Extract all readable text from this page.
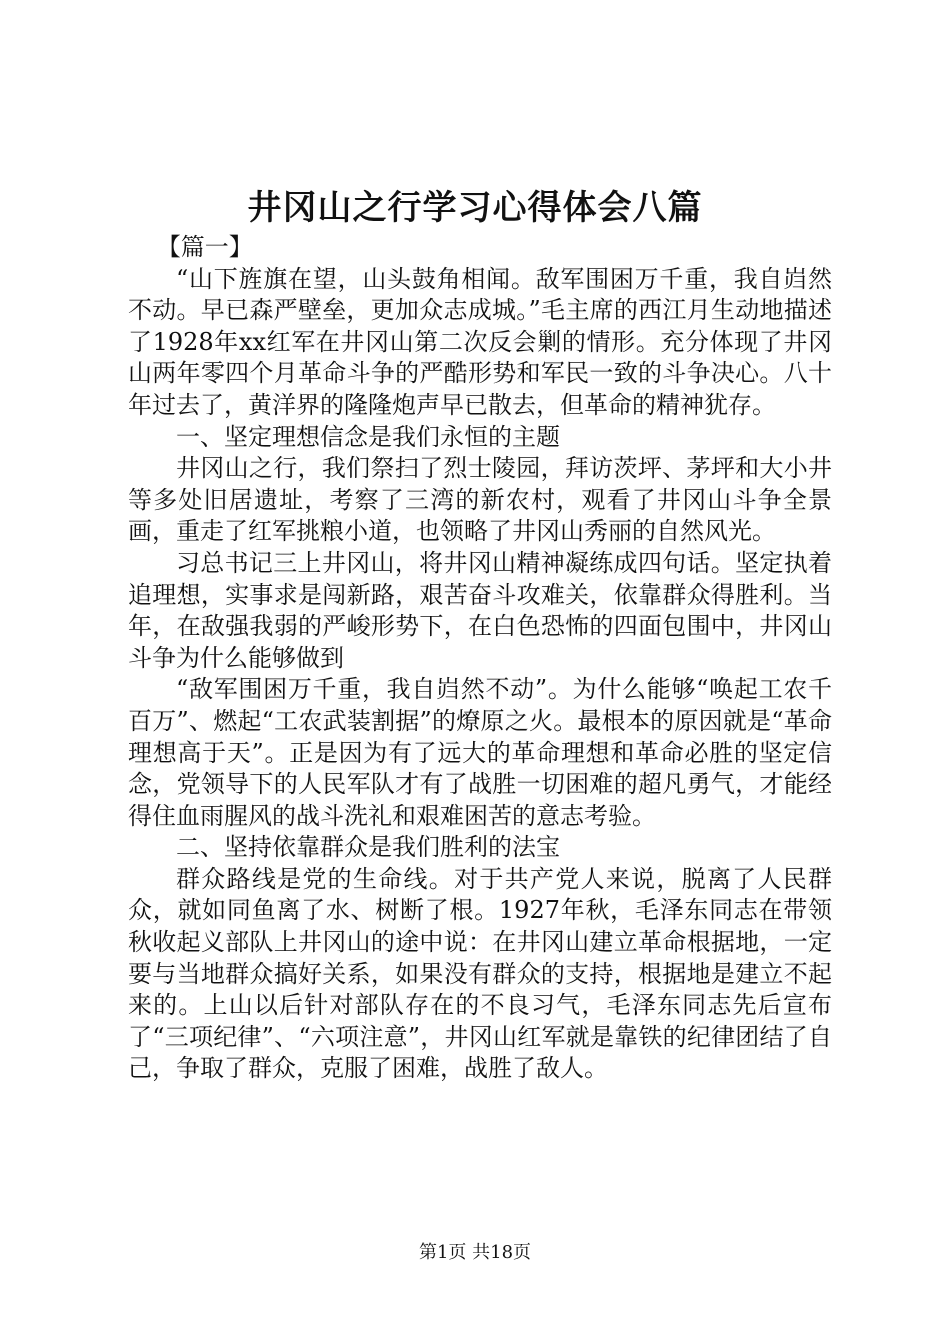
井冈山之行学习心得体会八篇

【篇一】

“山下旌旗在望，山头鼓角相闻。敌军围困万千重，我自岿然不动。早已森严壁垒，更加众志成城。”毛主席的西江月生动地描述了1928年xx红军在井冈山第二次反会剿的情形。充分体现了井冈山两年零四个月革命斗争的严酷形势和军民一致的斗争决心。八十年过去了，黄洋界的隆隆炮声早已散去，但革命的精神犹存。

一、坚定理想信念是我们永恒的主题

井冈山之行，我们祭扫了烈士陵园，拜访茨坪、茅坪和大小井等多处旧居遗址，考察了三湾的新农村，观看了井冈山斗争全景画，重走了红军挑粮小道，也领略了井冈山秀丽的自然风光。

习总书记三上井冈山，将井冈山精神凝练成四句话。坚定执着追理想，实事求是闯新路，艰苦奋斗攻难关，依靠群众得胜利。当年，在敌强我弱的严峻形势下，在白色恐怖的四面包围中，井冈山斗争为什么能够做到

“敌军围困万千重，我自岿然不动”。为什么能够“唤起工农千百万”、燃起“工农武装割据”的燎原之火。最根本的原因就是“革命理想高于天”。正是因为有了远大的革命理想和革命必胜的坚定信念，党领导下的人民军队才有了战胜一切困难的超凡勇气，才能经得住血雨腥风的战斗洗礼和艰难困苦的意志考验。

二、坚持依靠群众是我们胜利的法宝

群众路线是党的生命线。对于共产党人来说，脱离了人民群众，就如同鱼离了水、树断了根。1927年秋，毛泽东同志在带领秋收起义部队上井冈山的途中说：在井冈山建立革命根据地，一定要与当地群众搞好关系，如果没有群众的支持，根据地是建立不起来的。上山以后针对部队存在的不良习气，毛泽东同志先后宣布了“三项纪律”、“六项注意”，井冈山红军就是靠铁的纪律团结了自己，争取了群众，克服了困难，战胜了敌人。

第1页 共18页
